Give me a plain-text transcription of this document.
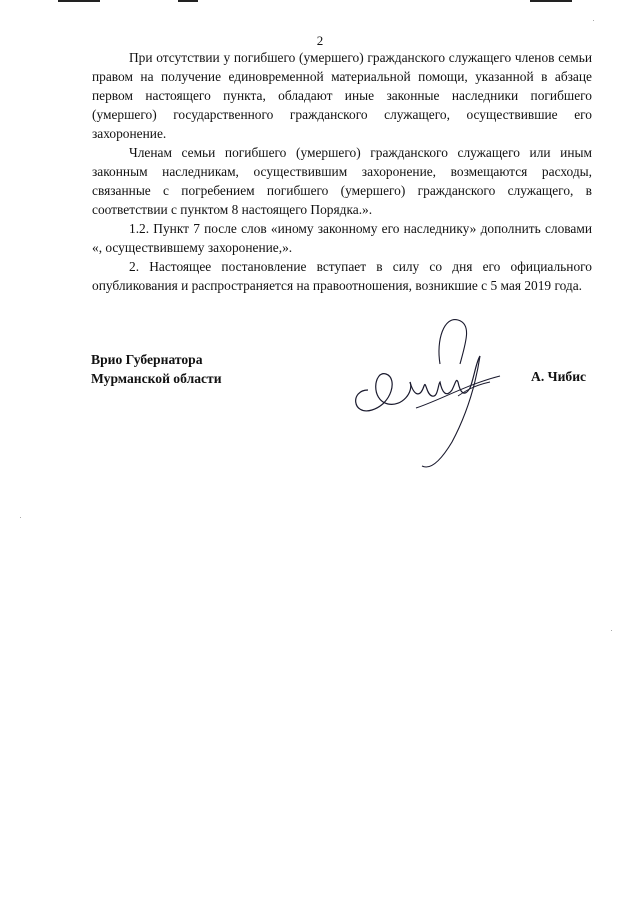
2

При отсутствии у погибшего (умершего) гражданского служащего членов семьи правом на получение единовременной материальной помощи, указанной в абзаце первом настоящего пункта, обладают иные законные наследники погибшего (умершего) государственного гражданского служащего, осуществившие его захоронение.

Членам семьи погибшего (умершего) гражданского служащего или иным законным наследникам, осуществившим захоронение, возмещаются расходы, связанные с погребением погибшего (умершего) гражданского служащего, в соответствии с пунктом 8 настоящего Порядка.».

1.2. Пункт 7 после слов «иному законному его наследнику» дополнить словами «, осуществившему захоронение,».

2. Настоящее постановление вступает в силу со дня его официального опубликования и распространяется на правоотношения, возникшие с 5 мая 2019 года.

Врио Губернатора
Мурманской области	А. Чибис
